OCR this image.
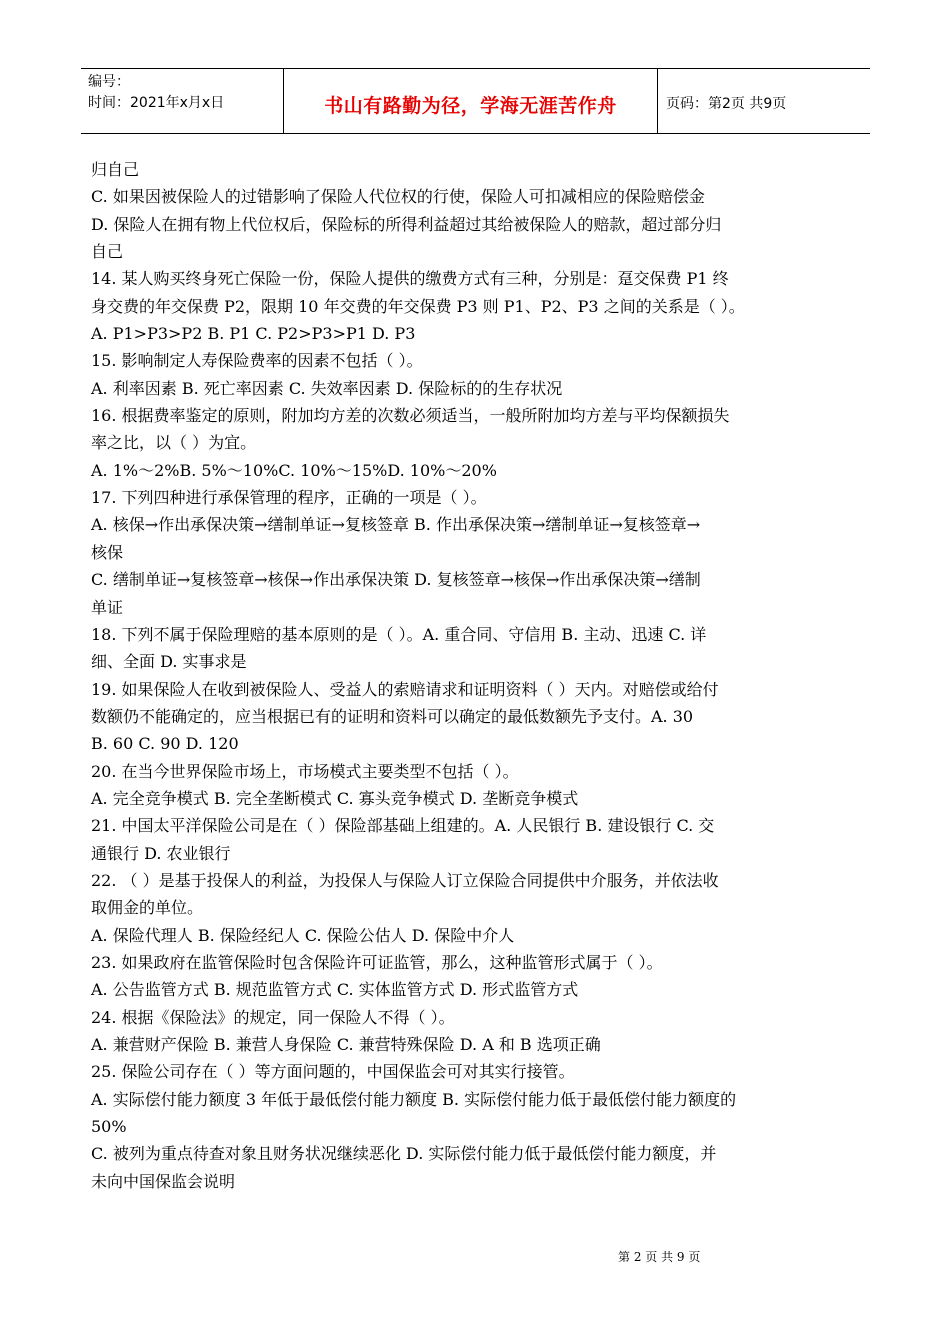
编号：
时间：2021年x月x日	书山有路勤为径，学海无涯苦作舟	页码：第2页 共9页
归自己
C. 如果因被保险人的过错影响了保险人代位权的行使，保险人可扣减相应的保险赔偿金
D. 保险人在拥有物上代位权后，保险标的所得利益超过其给被保险人的赔款，超过部分归
自己
14. 某人购买终身死亡保险一份，保险人提供的缴费方式有三种，分别是：趸交保费 P1 终
身交费的年交保费 P2，限期 10 年交费的年交保费 P3 则 P1、P2、P3 之间的关系是（ ）。
A. P1>P3>P2 B. P1 C. P2>P3>P1 D. P3
15. 影响制定人寿保险费率的因素不包括（ ）。
A. 利率因素 B. 死亡率因素 C. 失效率因素 D. 保险标的的生存状况
16. 根据费率鉴定的原则，附加均方差的次数必须适当，一般所附加均方差与平均保额损失
率之比，以（ ）为宜。
A. 1%～2%B. 5%～10%C. 10%～15%D. 10%～20%
17. 下列四种进行承保管理的程序，正确的一项是（ ）。
A. 核保→作出承保决策→缮制单证→复核签章 B. 作出承保决策→缮制单证→复核签章→
核保
C. 缮制单证→复核签章→核保→作出承保决策 D. 复核签章→核保→作出承保决策→缮制
单证
18. 下列不属于保险理赔的基本原则的是（ ）。A. 重合同、守信用 B. 主动、迅速 C. 详
细、全面 D. 实事求是
19. 如果保险人在收到被保险人、受益人的索赔请求和证明资料（ ）天内。对赔偿或给付
数额仍不能确定的，应当根据已有的证明和资料可以确定的最低数额先予支付。A. 30
B. 60 C. 90 D. 120
20. 在当今世界保险市场上，市场模式主要类型不包括（ ）。
A. 完全竞争模式 B. 完全垄断模式 C. 寡头竞争模式 D. 垄断竞争模式
21. 中国太平洋保险公司是在（ ）保险部基础上组建的。A. 人民银行 B. 建设银行 C. 交
通银行 D. 农业银行
22. （ ）是基于投保人的利益，为投保人与保险人订立保险合同提供中介服务，并依法收
取佣金的单位。
A. 保险代理人 B. 保险经纪人 C. 保险公估人 D. 保险中介人
23. 如果政府在监管保险时包含保险许可证监管，那么，这种监管形式属于（ ）。
A. 公告监管方式 B. 规范监管方式 C. 实体监管方式 D. 形式监管方式
24. 根据《保险法》的规定，同一保险人不得（ ）。
A. 兼营财产保险 B. 兼营人身保险 C. 兼营特殊保险 D. A 和 B 选项正确
25. 保险公司存在（ ）等方面问题的，中国保监会可对其实行接管。
A. 实际偿付能力额度 3 年低于最低偿付能力额度 B. 实际偿付能力低于最低偿付能力额度的
50%
C. 被列为重点待查对象且财务状况继续恶化 D. 实际偿付能力低于最低偿付能力额度，并
未向中国保监会说明
第 2 页 共 9 页
